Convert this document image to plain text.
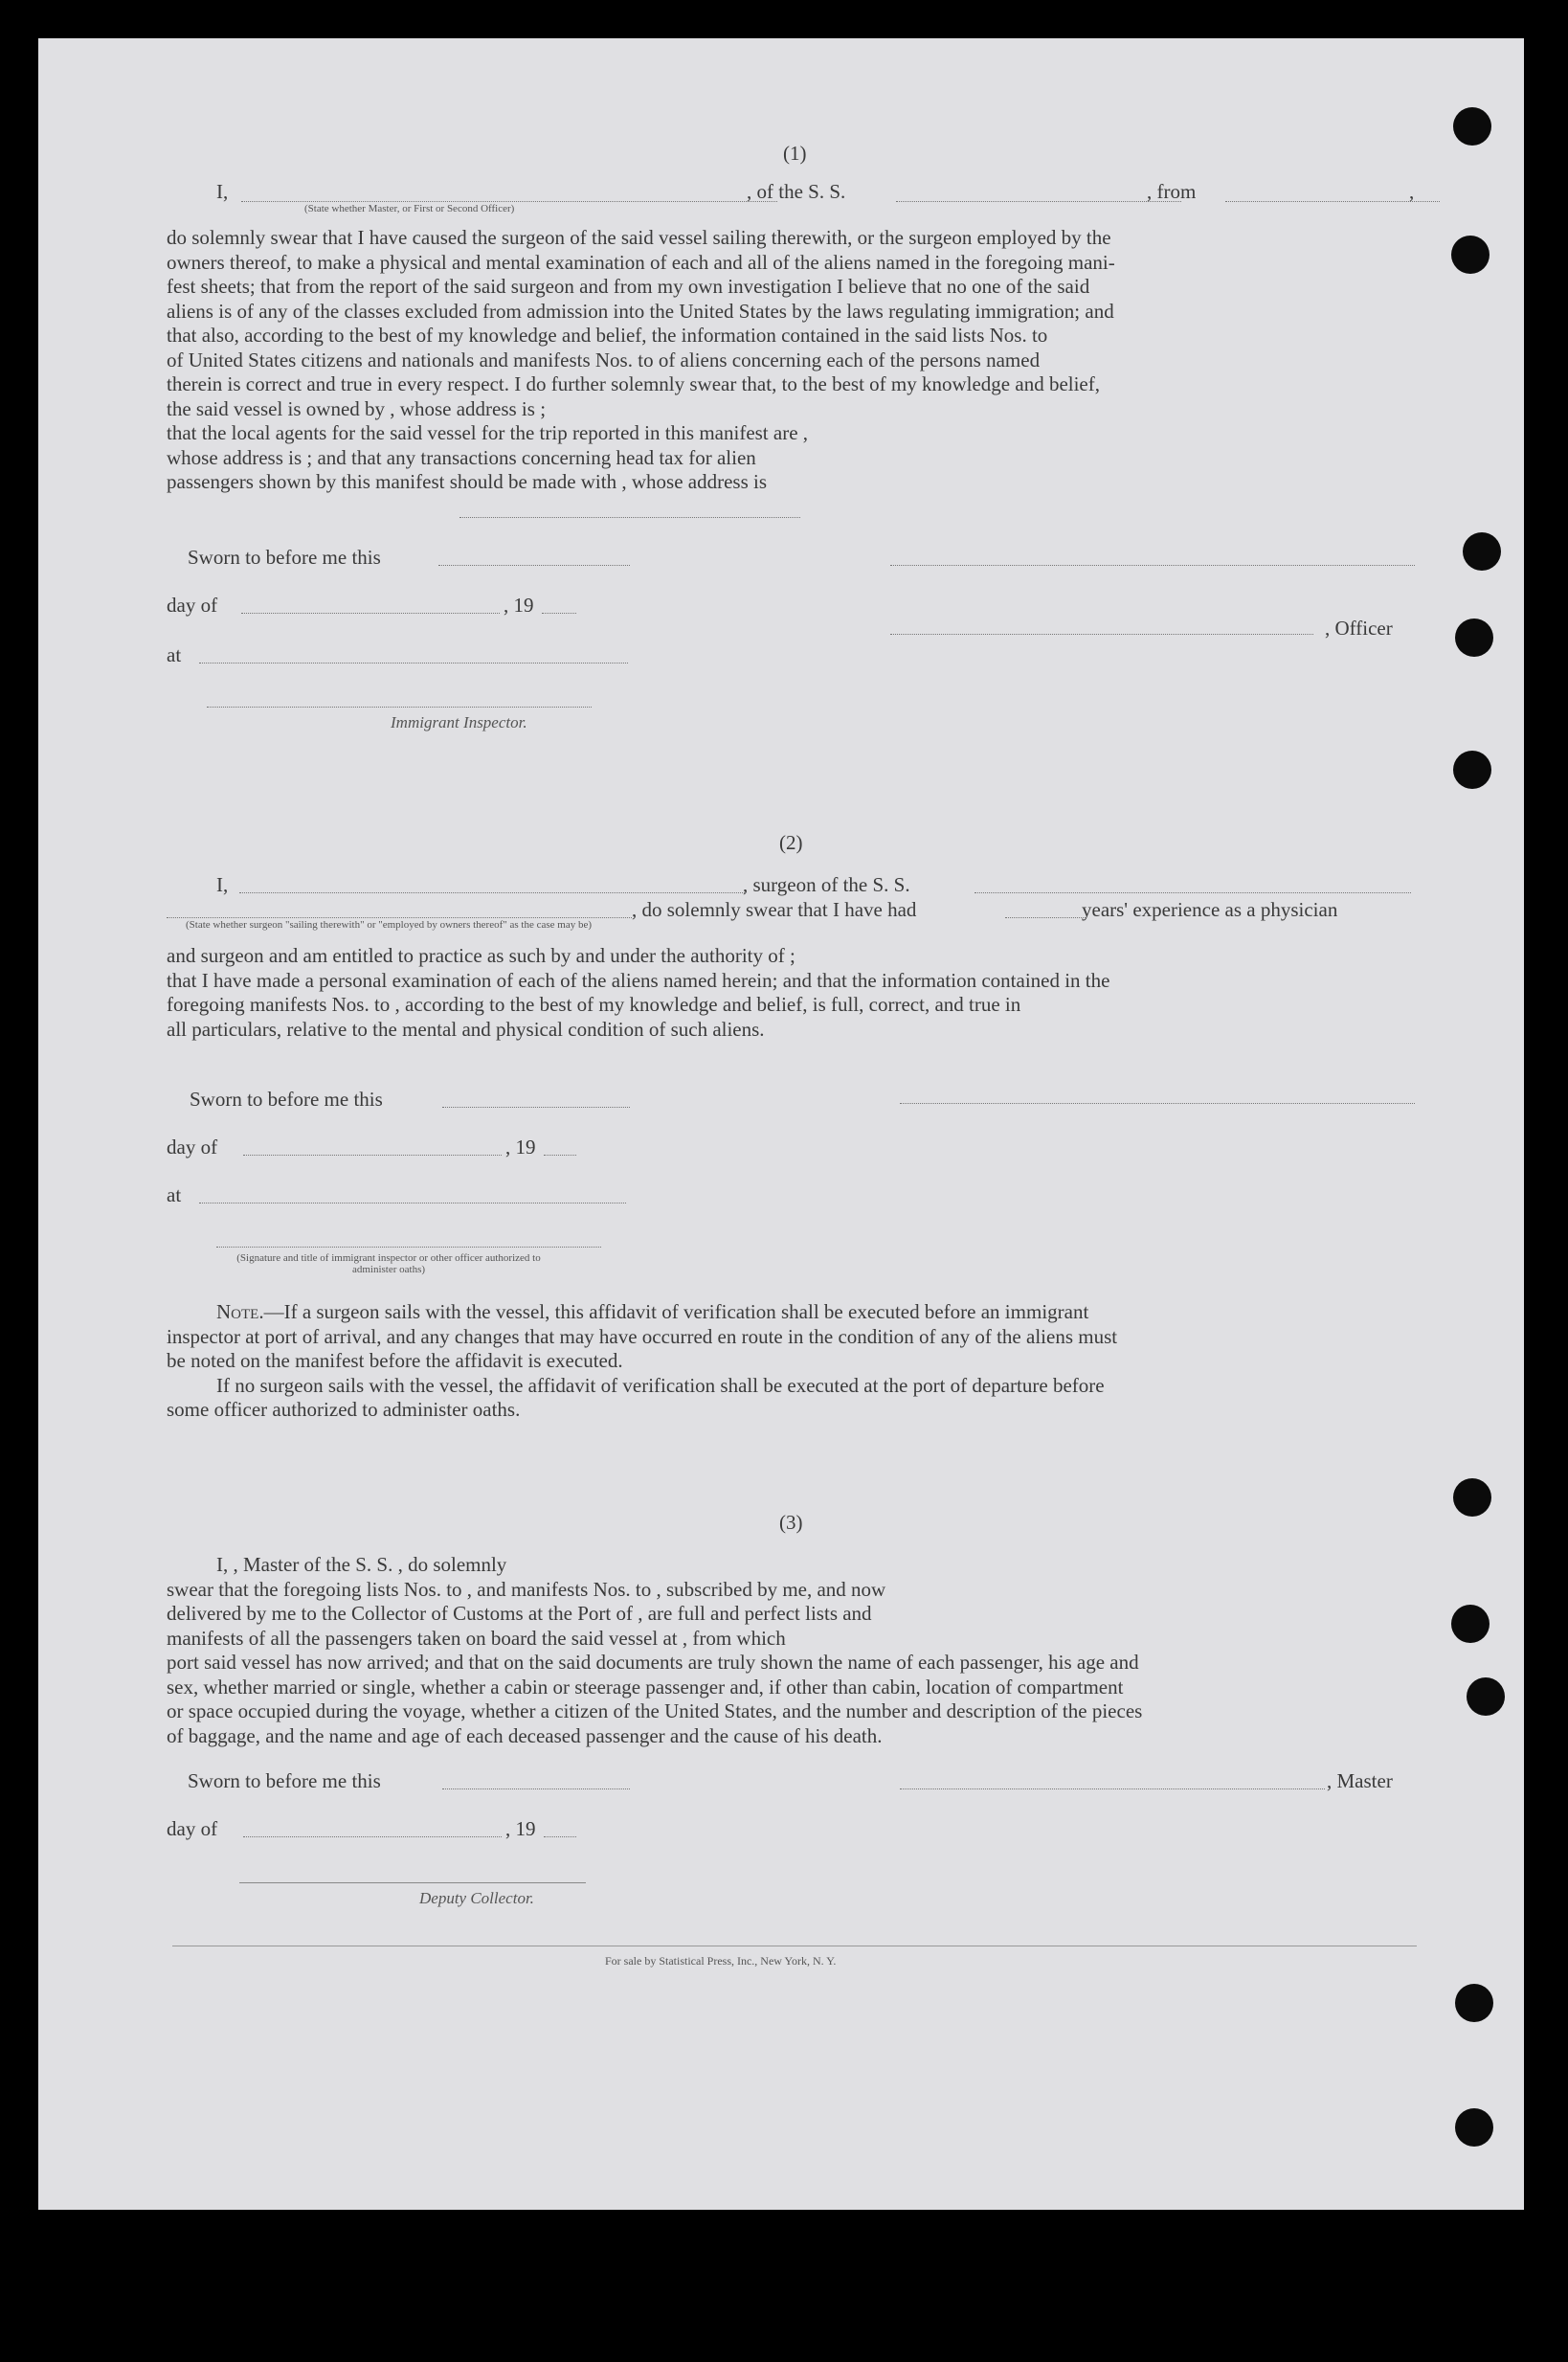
(1)
I,	, of the S. S.	, from	,
(State whether Master, or First or Second Officer)
do solemnly swear that I have caused the surgeon of the said vessel sailing therewith, or the surgeon employed by the
owners thereof, to make a physical and mental examination of each and all of the aliens named in the foregoing mani-
fest sheets; that from the report of the said surgeon and from my own investigation I believe that no one of the said
aliens is of any of the classes excluded from admission into the United States by the laws regulating immigration; and
that also, according to the best of my knowledge and belief, the information contained in the said lists Nos. to
of United States citizens and nationals and manifests Nos. to of aliens concerning each of the persons named
therein is correct and true in every respect. I do further solemnly swear that, to the best of my knowledge and belief,
the said vessel is owned by , whose address is ;
that the local agents for the said vessel for the trip reported in this manifest are ,
whose address is ; and that any transactions concerning head tax for alien
passengers shown by this manifest should be made with , whose address is
Sworn to before me this
day of	, 19
, Officer
at
Immigrant Inspector.
(2)
I,	, surgeon of the S. S.
, do solemnly swear that I have had	years' experience as a physician
(State whether surgeon "sailing therewith" or "employed by owners thereof" as the case may be)
and surgeon and am entitled to practice as such by and under the authority of ;
that I have made a personal examination of each of the aliens named herein; and that the information contained in the
foregoing manifests Nos. to , according to the best of my knowledge and belief, is full, correct, and true in
all particulars, relative to the mental and physical condition of such aliens.
Sworn to before me this
day of	, 19
at
(Signature and title of immigrant inspector or other officer authorized to administer oaths)
Note.—If a surgeon sails with the vessel, this affidavit of verification shall be executed before an immigrant
inspector at port of arrival, and any changes that may have occurred en route in the condition of any of the aliens must
be noted on the manifest before the affidavit is executed.
If no surgeon sails with the vessel, the affidavit of verification shall be executed at the port of departure before
some officer authorized to administer oaths.
(3)
I, , Master of the S. S. , do solemnly
swear that the foregoing lists Nos. to , and manifests Nos. to , subscribed by me, and now
delivered by me to the Collector of Customs at the Port of , are full and perfect lists and
manifests of all the passengers taken on board the said vessel at , from which
port said vessel has now arrived; and that on the said documents are truly shown the name of each passenger, his age and
sex, whether married or single, whether a cabin or steerage passenger and, if other than cabin, location of compartment
or space occupied during the voyage, whether a citizen of the United States, and the number and description of the pieces
of baggage, and the name and age of each deceased passenger and the cause of his death.
Sworn to before me this	, Master
day of	, 19
Deputy Collector.
For sale by Statistical Press, Inc., New York, N. Y.
